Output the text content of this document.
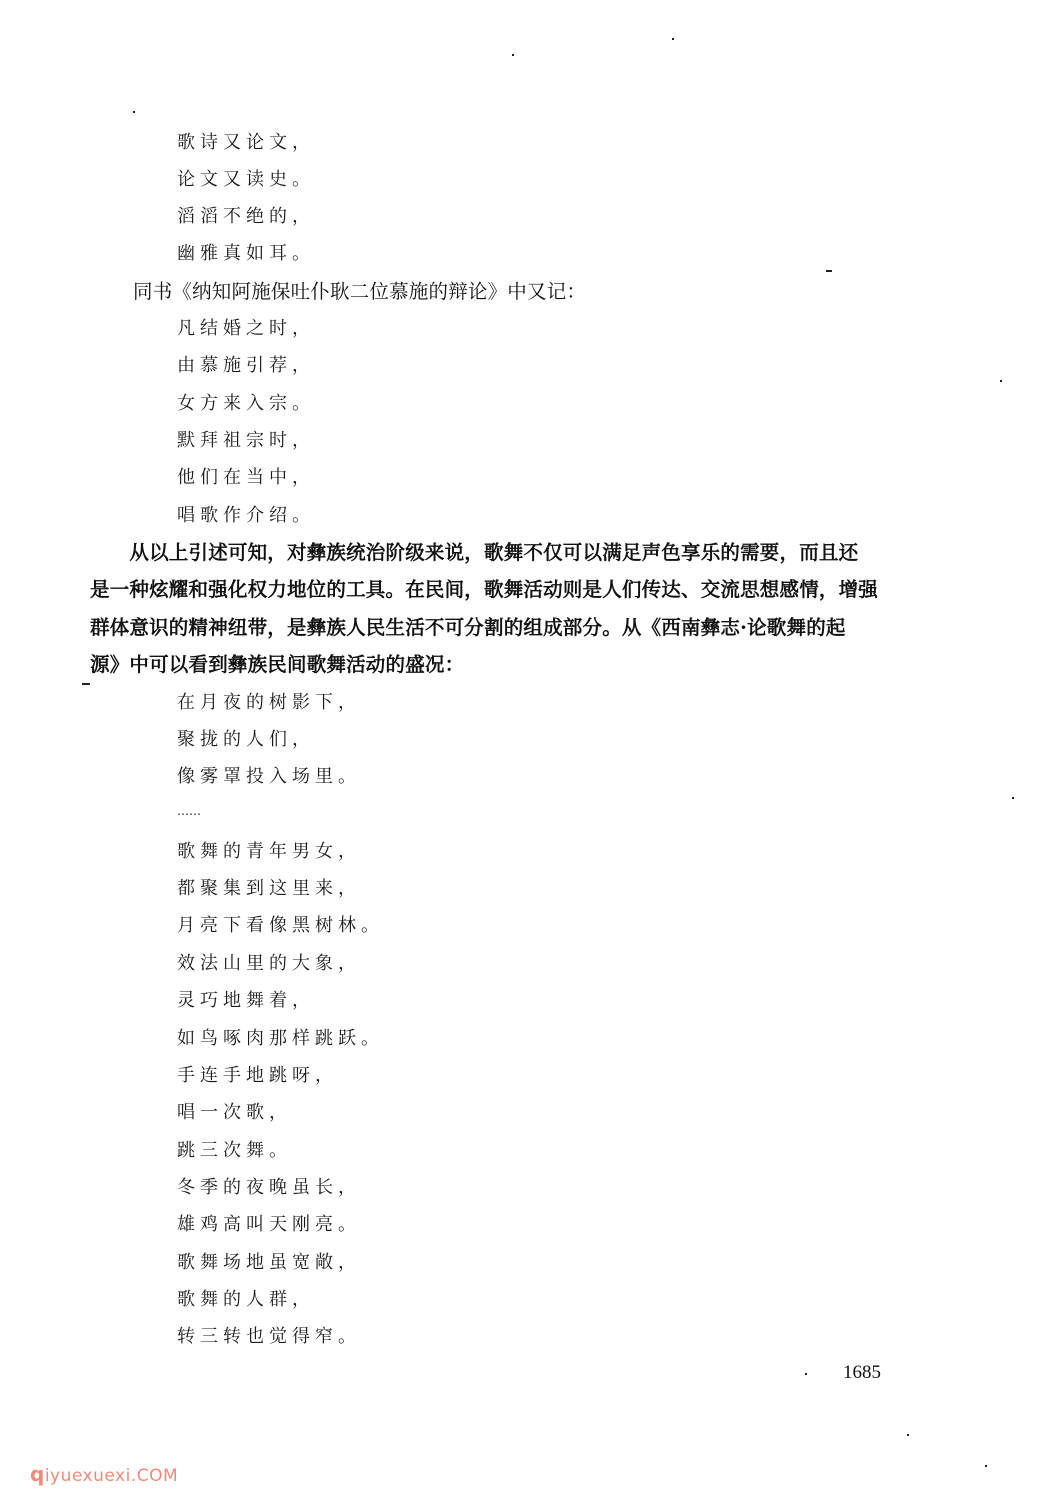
歌诗又论文，
论文又读史。
滔滔不绝的，
幽雅真如耳。
同书《纳知阿施保吐仆耿二位慕施的辩论》中又记：
凡结婚之时，
由慕施引荐，
女方来入宗。
默拜祖宗时，
他们在当中，
唱歌作介绍。
　　从以上引述可知，对彝族统治阶级来说，歌舞不仅可以满足声色享乐的需要，而且还
是一种炫耀和强化权力地位的工具。在民间，歌舞活动则是人们传达、交流思想感情，增强
群体意识的精神纽带，是彝族人民生活不可分割的组成部分。从《西南彝志·论歌舞的起
源》中可以看到彝族民间歌舞活动的盛况：
在月夜的树影下，
聚拢的人们，
像雾罩投入场里。
……
歌舞的青年男女，
都聚集到这里来，
月亮下看像黑树林。
效法山里的大象，
灵巧地舞着，
如鸟啄肉那样跳跃。
手连手地跳呀，
唱一次歌，
跳三次舞。
冬季的夜晚虽长，
雄鸡高叫天刚亮。
歌舞场地虽宽敞，
歌舞的人群，
转三转也觉得窄。
1685
qiyuexuexi.COM
